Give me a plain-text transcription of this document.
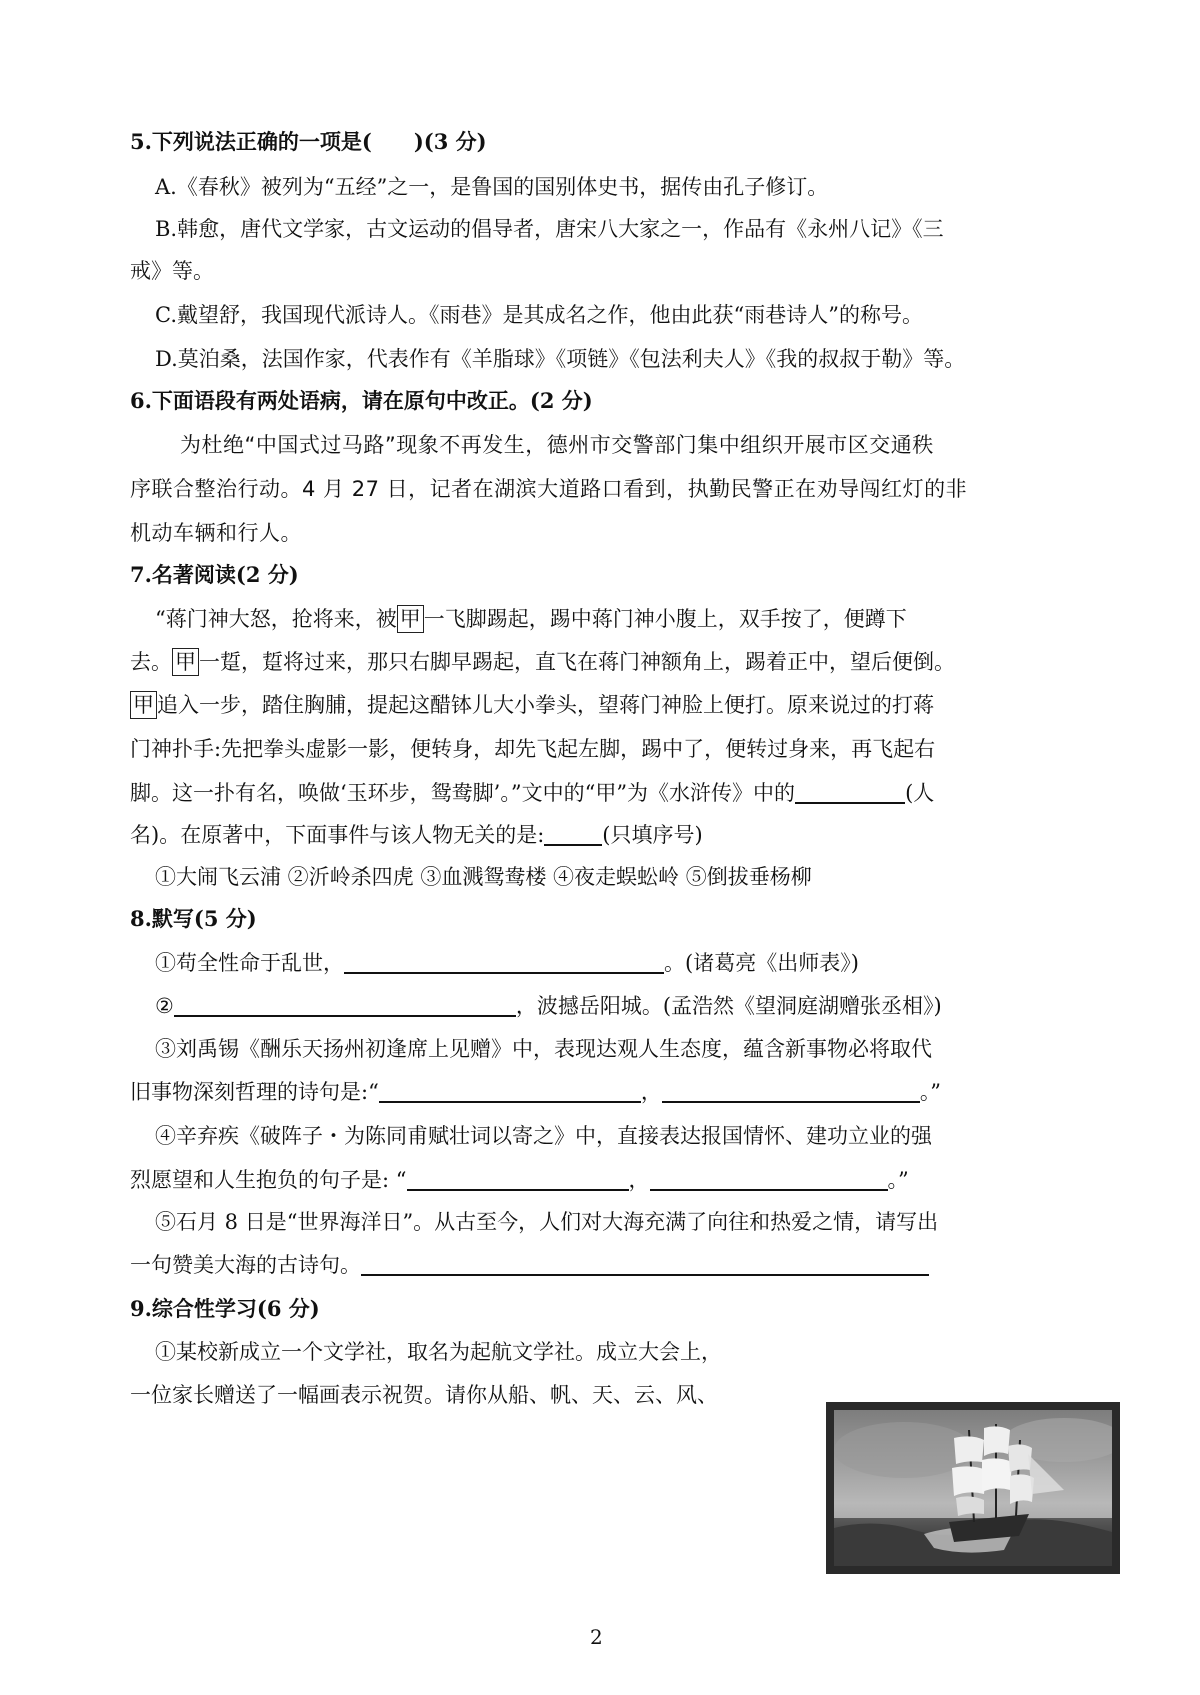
5.下列说法正确的一项是(　　)(3 分)
A.《春秋》被列为“五经”之一，是鲁国的国别体史书，据传由孔子修订。
B.韩愈，唐代文学家，古文运动的倡导者，唐宋八大家之一，作品有《永州八记》《三
戒》等。
C.戴望舒，我国现代派诗人。《雨巷》是其成名之作，他由此获“雨巷诗人”的称号。
D.莫泊桑，法国作家，代表作有《羊脂球》《项链》《包法利夫人》《我的叔叔于勒》等。
6.下面语段有两处语病，请在原句中改正。(2 分)
为杜绝“中国式过马路”现象不再发生，德州市交警部门集中组织开展市区交通秩
序联合整治行动。4 月 27 日，记者在湖滨大道路口看到，执勤民警正在劝导闯红灯的非
机动车辆和行人。
7.名著阅读(2 分)
“蒋门神大怒，抢将来，被 甲 一飞脚踢起，踢中蒋门神小腹上，双手按了，便蹲下
去。 甲 一踅，踅将过来，那只右脚早踢起，直飞在蒋门神额角上，踢着正中，望后便倒。
甲 追入一步，踏住胸脯，提起这醋钵儿大小拳头，望蒋门神脸上便打。原来说过的打蒋
门神扑手:先把拳头虚影一影，便转身，却先飞起左脚，踢中了，便转过身来，再飞起右
脚。这一扑有名，唤做‘玉环步，鸳鸯脚’。”文中的“甲”为《水浒传》中的	(人
名)。在原著中，下面事件与该人物无关的是:	(只填序号)
①大闹飞云浦 ②沂岭杀四虎 ③血溅鸳鸯楼 ④夜走蜈蚣岭 ⑤倒拔垂杨柳
8.默写(5 分)
①苟全性命于乱世，	。(诸葛亮《出师表》)
②	，波撼岳阳城。(孟浩然《望洞庭湖赠张丞相》)
③刘禹锡《酬乐天扬州初逢席上见赠》中，表现达观人生态度，蕴含新事物必将取代
旧事物深刻哲理的诗句是:“	，	。”
④辛弃疾《破阵子・为陈同甫赋壮词以寄之》中，直接表达报国情怀、建功立业的强
烈愿望和人生抱负的句子是: “	，	。”
⑤石月 8 日是“世界海洋日”。从古至今，人们对大海充满了向往和热爱之情，请写出
一句赞美大海的古诗句。
9.综合性学习(6 分)
①某校新成立一个文学社，取名为起航文学社。成立大会上，
一位家长赠送了一幅画表示祝贺。请你从船、帆、天、云、风、
2
